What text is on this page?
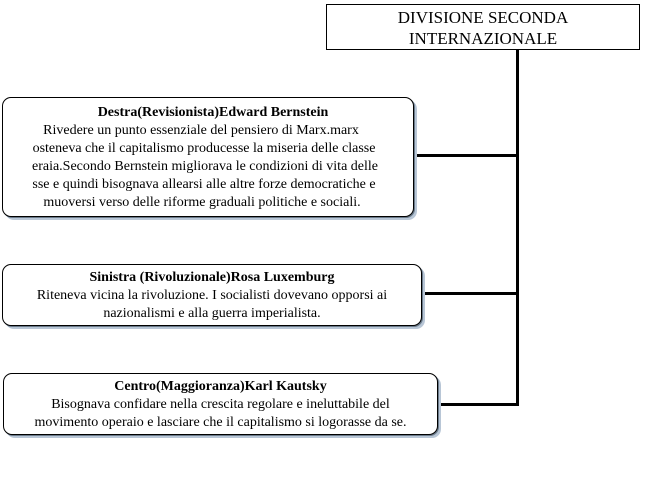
DIVISIONE SECONDA
INTERNAZIONALE
Destra(Revisionista)Edward Bernstein
Rivedere un punto essenziale del pensiero di Marx.marx
osteneva che il capitalismo producesse la miseria delle classe
eraia.Secondo Bernstein migliorava le condizioni di vita delle
sse e quindi bisognava allearsi alle altre forze democratiche e
muoversi verso delle riforme graduali politiche e sociali.
Sinistra (Rivoluzionale)Rosa Luxemburg
Riteneva vicina la rivoluzione. I socialisti dovevano opporsi ai
nazionalismi e alla guerra imperialista.
Centro(Maggioranza)Karl Kautsky
Bisognava confidare nella crescita regolare e ineluttabile del
movimento operaio e lasciare che il capitalismo si logorasse da se.
